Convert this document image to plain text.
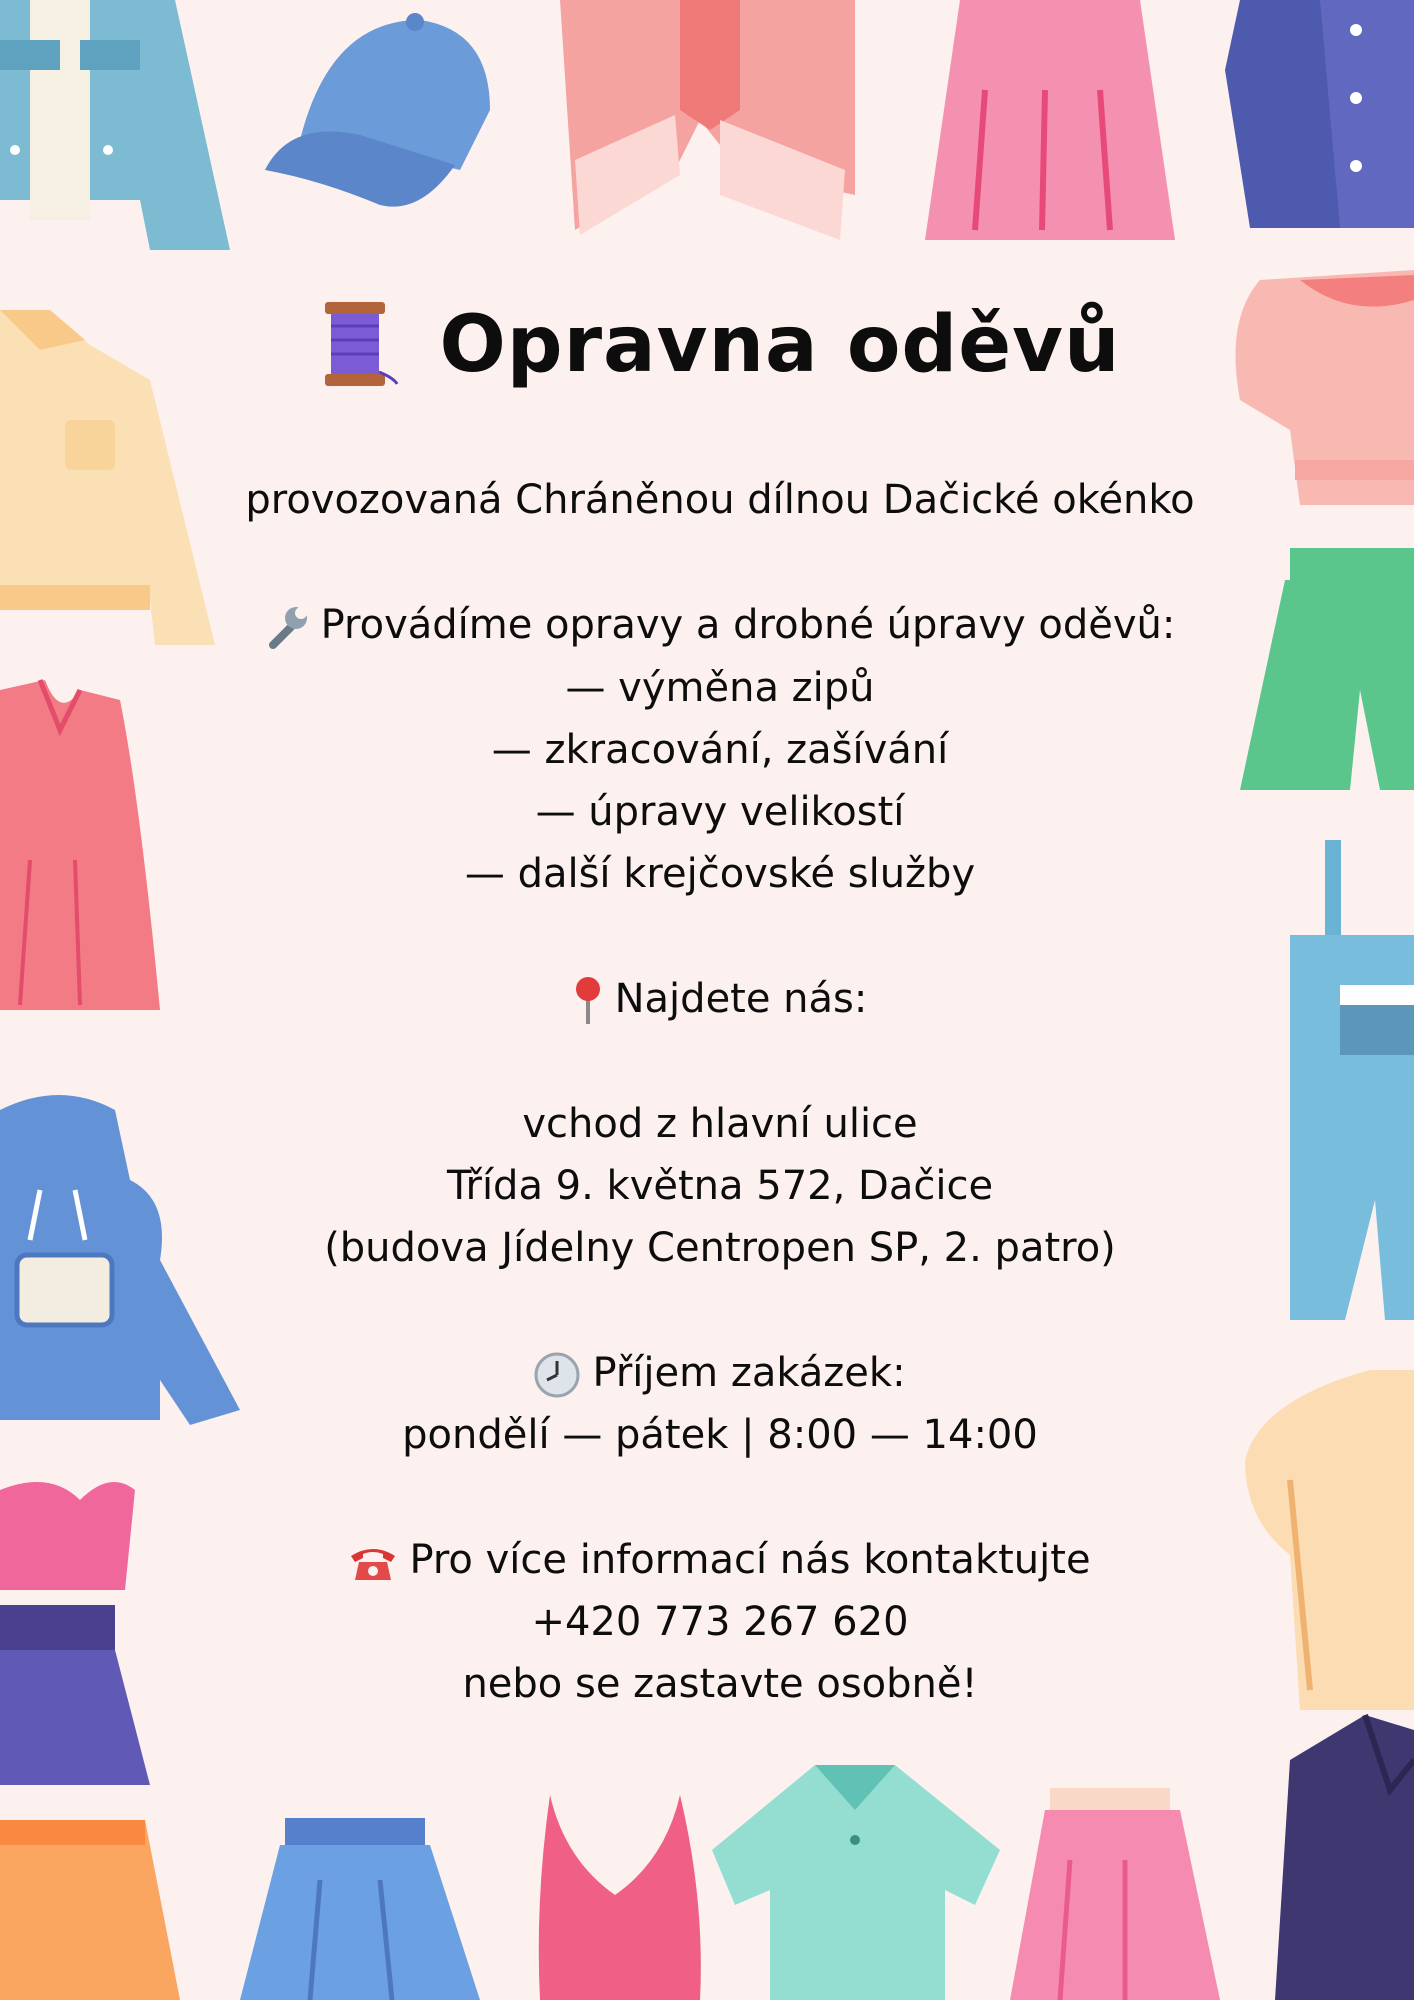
Opravna oděvů
provozovaná Chráněnou dílnou Dačické okénko
Provádíme opravy a drobné úpravy oděvů:
— výměna zipů
— zkracování, zašívání
— úpravy velikostí
— další krejčovské služby
Najdete nás:
vchod z hlavní ulice
Třída 9. května 572, Dačice
(budova Jídelny Centropen SP, 2. patro)
Příjem zakázek:
pondělí — pátek | 8:00 — 14:00
Pro více informací nás kontaktujte
+420 773 267 620
nebo se zastavte osobně!
